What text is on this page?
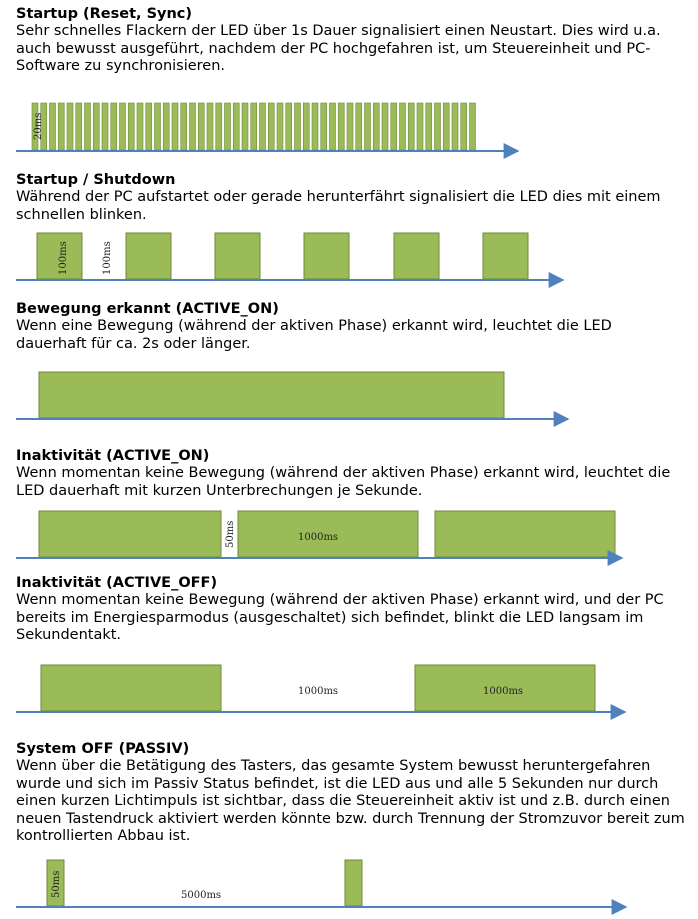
Startup (Reset, Sync)

Sehr schnelles Flackern der LED über 1s Dauer signalisiert einen Neustart. Dies wird u.a. auch bewusst ausgeführt, nachdem der PC hochgefahren ist, um Steuereinheit und PC-Software zu synchronisieren.

Startup / Shutdown

Während der PC aufstartet oder gerade herunterfährt signalisiert die LED dies mit einem schnellen blinken.

Bewegung erkannt (ACTIVE_ON)

Wenn eine Bewegung (während der aktiven Phase) erkannt wird, leuchtet die LED dauerhaft für ca. 2s oder länger.

Inaktivität (ACTIVE_ON)

Wenn momentan keine Bewegung (während der aktiven Phase) erkannt wird, leuchtet die LED dauerhaft mit kurzen Unterbrechungen je Sekunde.

Inaktivität (ACTIVE_OFF)

Wenn momentan keine Bewegung (während der aktiven Phase) erkannt wird, und der PC bereits im Energiesparmodus (ausgeschaltet) sich befindet, blinkt die LED langsam im Sekundentakt.

System OFF (PASSIV)

Wenn über die Betätigung des Tasters, das gesamte System bewusst heruntergefahren wurde und sich im Passiv Status befindet, ist die LED aus und alle 5 Sekunden nur durch einen kurzen Lichtimpuls ist sichtbar, dass die Steuereinheit aktiv ist und z.B. durch einen neuen Tastendruck aktiviert werden könnte bzw. durch Trennung der Stromzuvor bereit zum kontrollierten Abbau ist.

20ms
100ms	100ms
50ms	1000ms
1000ms	1000ms
50ms	5000ms
